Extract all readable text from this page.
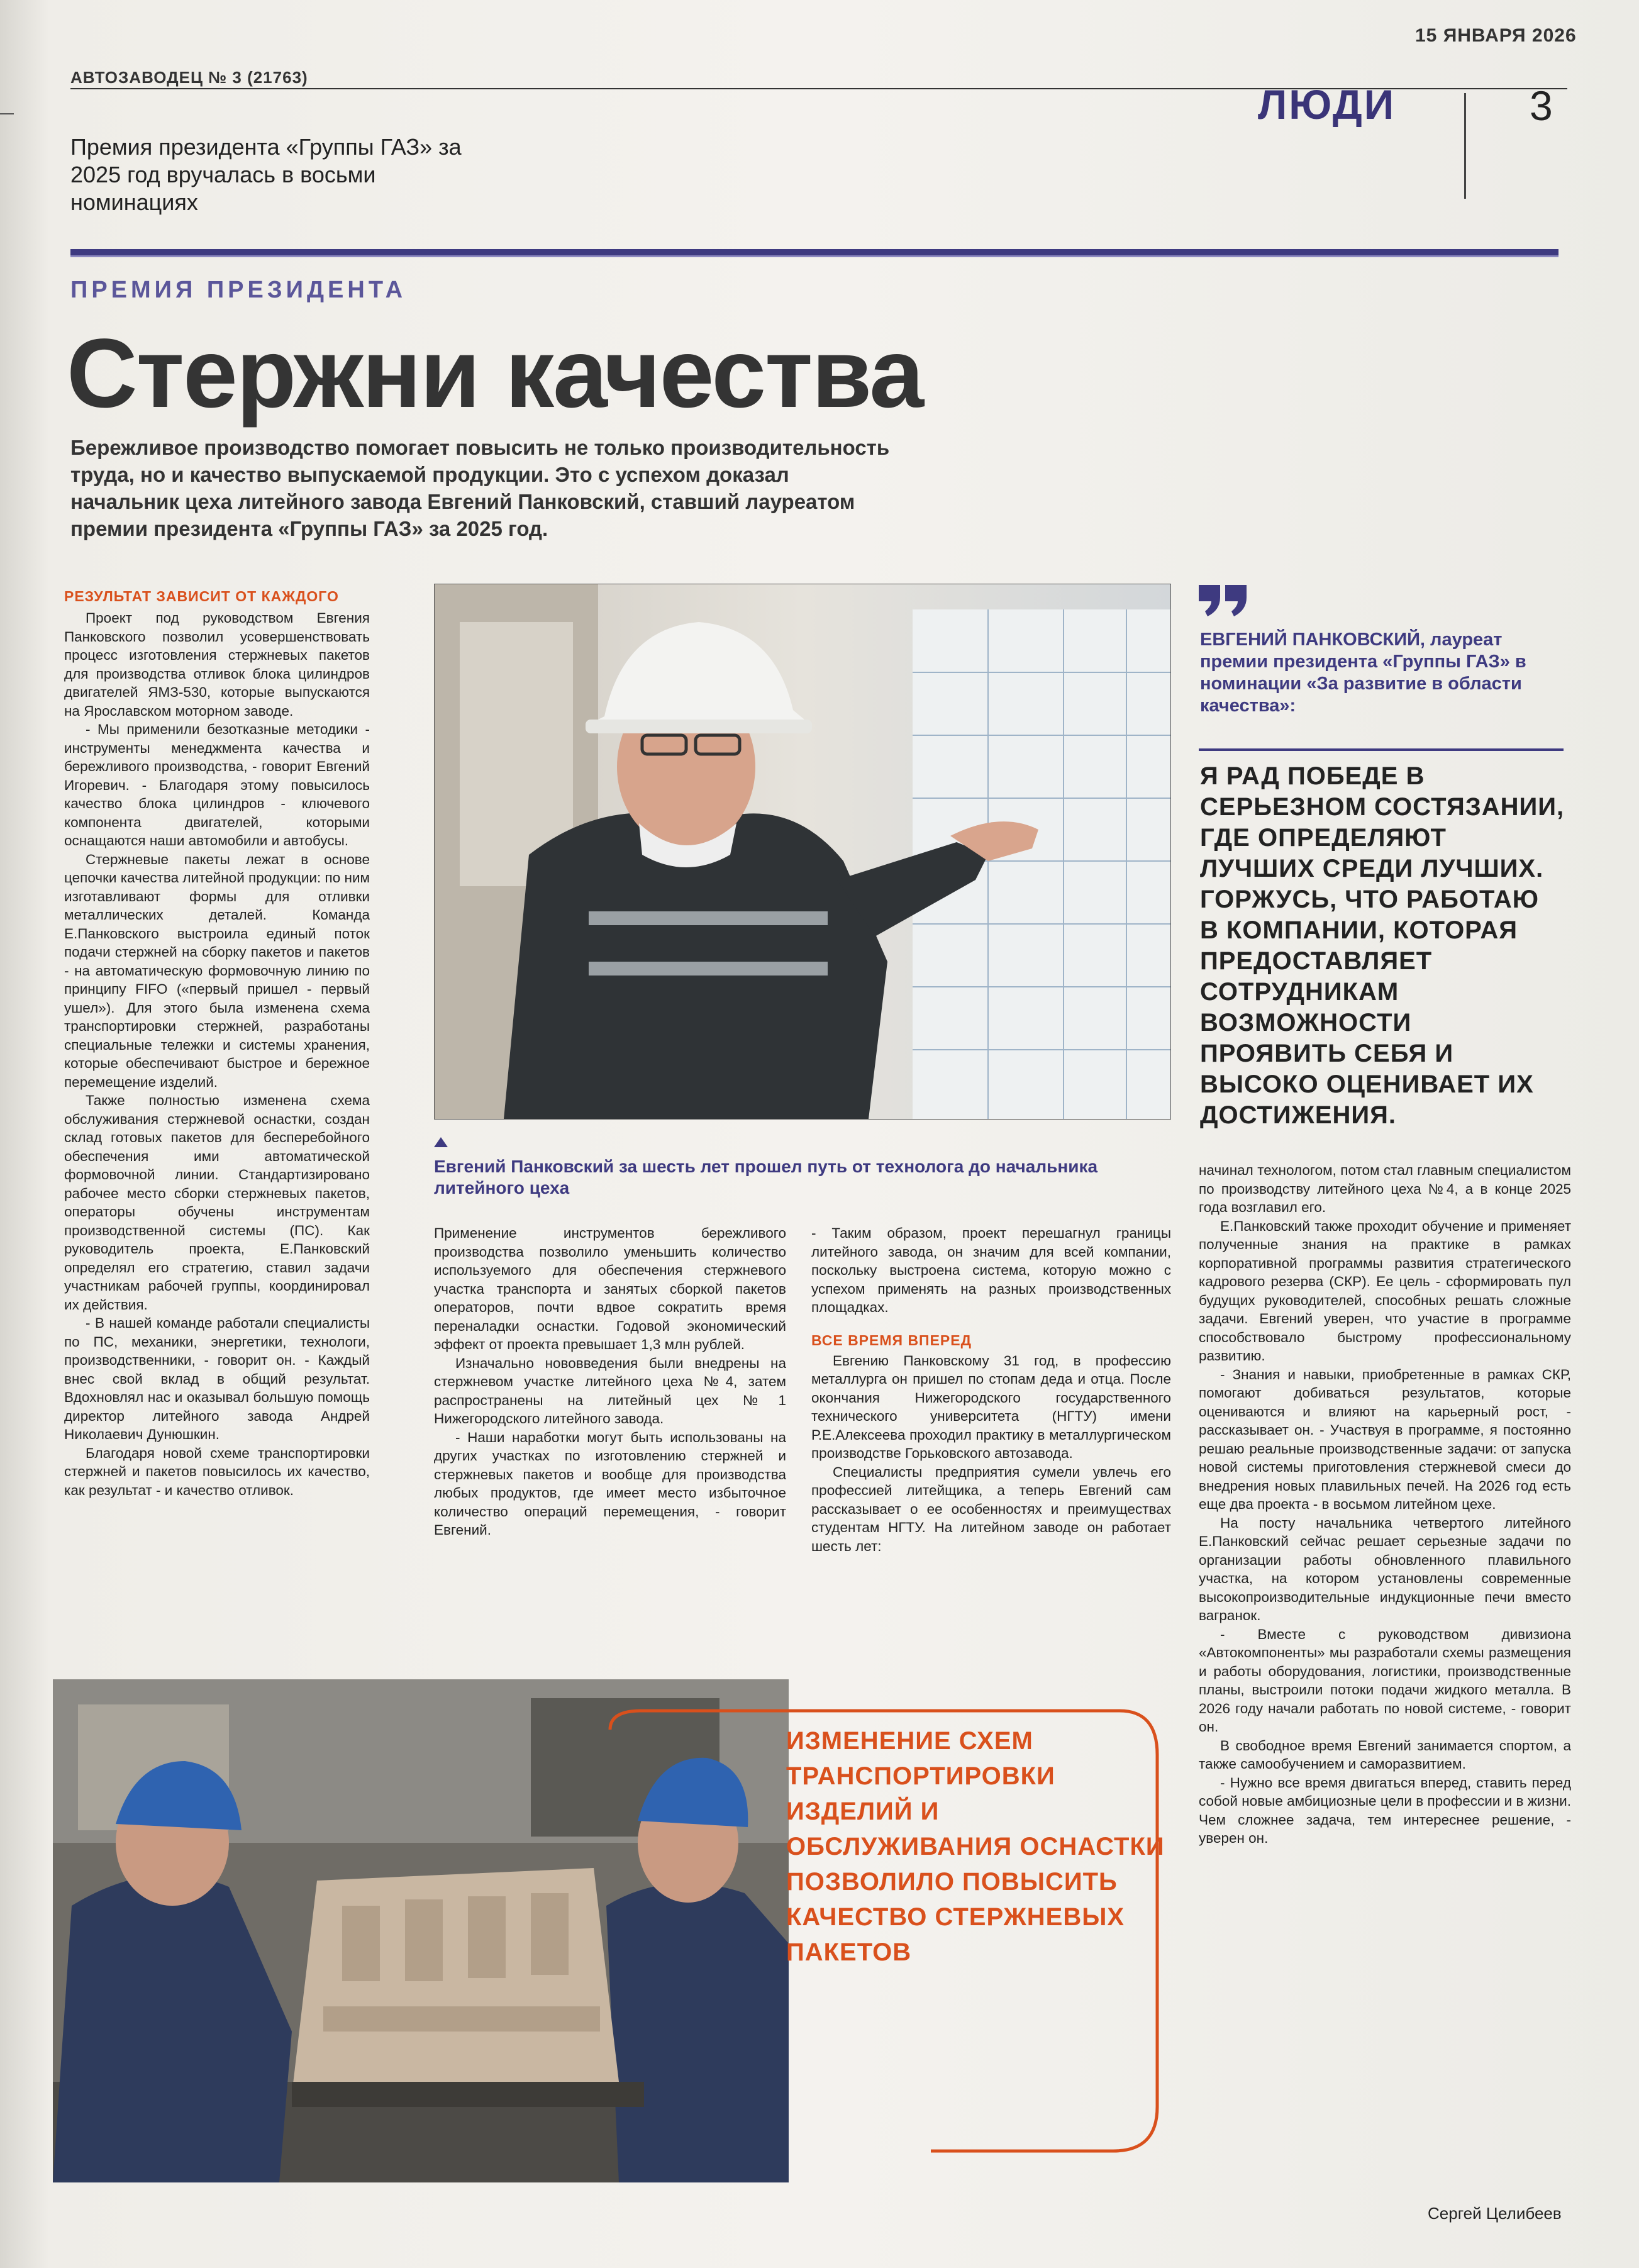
15 ЯНВАРЯ 2026
АВТОЗАВОДЕЦ № 3 (21763)

ЛЮДИ	3
Премия президента «Группы ГАЗ» за 2025 год вручалась в восьми номинациях
ПРЕМИЯ ПРЕЗИДЕНТА
Стержни качества
Бережливое производство помогает повысить не только производительность труда, но и качество выпускаемой продукции. Это с успехом доказал начальник цеха литейного завода Евгений Панковский, ставший лауреатом премии президента «Группы ГАЗ» за 2025 год.
РЕЗУЛЬТАТ ЗАВИСИТ ОТ КАЖДОГО

Проект под руководством Евгения Панковского позволил усовершенствовать процесс изготовления стержневых пакетов для производства отливок блока цилиндров двигателей ЯМЗ-530, которые выпускаются на Ярославском моторном заводе.

- Мы применили безотказные методики - инструменты менеджмента качества и бережливого производства, - говорит Евгений Игоревич. - Благодаря этому повысилось качество блока цилиндров - ключевого компонента двигателей, которыми оснащаются наши автомобили и автобусы.

Стержневые пакеты лежат в основе цепочки качества литейной продукции: по ним изготавливают формы для отливки металлических деталей. Команда Е.Панковского выстроила единый поток подачи стержней на сборку пакетов и пакетов - на автоматическую формовочную линию по принципу FIFO («первый пришел - первый ушел»). Для этого была изменена схема транспортировки стержней, разработаны специальные тележки и системы хранения, которые обеспечивают быстрое и бережное перемещение изделий.

Также полностью изменена схема обслуживания стержневой оснастки, создан склад готовых пакетов для бесперебойного обеспечения ими автоматической формовочной линии. Стандартизировано рабочее место сборки стержневых пакетов, операторы обучены инструментам производственной системы (ПС). Как руководитель проекта, Е.Панковский определял его стратегию, ставил задачи участникам рабочей группы, координировал их действия.

- В нашей команде работали специалисты по ПС, механики, энергетики, технологи, производственники, - говорит он. - Каждый внес свой вклад в общий результат. Вдохновлял нас и оказывал большую помощь директор литейного завода Андрей Николаевич Дунюшкин.

Благодаря новой схеме транспортировки стержней и пакетов повысилось их качество, как результат - и качество отливок.

Евгений Панковский за шесть лет прошел путь от технолога до начальника литейного цеха
ЕВГЕНИЙ ПАНКОВСКИЙ, лауреат премии президента «Группы ГАЗ» в номинации «За развитие в области качества»:
Я РАД ПОБЕДЕ В СЕРЬЕЗНОМ СОСТЯЗАНИИ, ГДЕ ОПРЕДЕЛЯЮТ ЛУЧШИХ СРЕДИ ЛУЧШИХ. ГОРЖУСЬ, ЧТО РАБОТАЮ В КОМПАНИИ, КОТОРАЯ ПРЕДОСТАВЛЯЕТ СОТРУДНИКАМ ВОЗМОЖНОСТИ ПРОЯВИТЬ СЕБЯ И ВЫСОКО ОЦЕНИВАЕТ ИХ ДОСТИЖЕНИЯ.

Применение инструментов бережливого производства позволило уменьшить количество используемого для обеспечения стержневого участка транспорта и занятых сборкой пакетов операторов, почти вдвое сократить время переналадки оснастки. Годовой экономический эффект от проекта превышает 1,3 млн рублей.

Изначально нововведения были внедрены на стержневом участке литейного цеха №4, затем распространены на литейный цех №1 Нижегородского литейного завода.

- Наши наработки могут быть использованы на других участках по изготовлению стержней и стержневых пакетов и вообще для производства любых продуктов, где имеет место избыточное количество операций перемещения, - говорит Евгений.

- Таким образом, проект перешагнул границы литейного завода, он значим для всей компании, поскольку выстроена система, которую можно с успехом применять на разных производственных площадках.

ВСЕ ВРЕМЯ ВПЕРЕД

Евгению Панковскому 31 год, в профессию металлурга он пришел по стопам деда и отца. После окончания Нижегородского государственного технического университета (НГТУ) имени Р.Е.Алексеева проходил практику в металлургическом производстве Горьковского автозавода.

Специалисты предприятия сумели увлечь его профессией литейщика, а теперь Евгений сам рассказывает о ее особенностях и преимуществах студентам НГТУ. На литейном заводе он работает шесть лет:

начинал технологом, потом стал главным специалистом по производству литейного цеха №4, а в конце 2025 года возглавил его.

Е.Панковский также проходит обучение и применяет полученные знания на практике в рамках корпоративной программы развития стратегического кадрового резерва (СКР). Ее цель - сформировать пул будущих руководителей, способных решать сложные задачи. Евгений уверен, что участие в программе способствовало быстрому профессиональному развитию.

- Знания и навыки, приобретенные в рамках СКР, помогают добиваться результатов, которые оцениваются и влияют на карьерный рост, - рассказывает он. - Участвуя в программе, я постоянно решаю реальные производственные задачи: от запуска новой системы приготовления стержневой смеси до внедрения новых плавильных печей. На 2026 год есть еще два проекта - в восьмом литейном цехе.

На посту начальника четвертого литейного Е.Панковский сейчас решает серьезные задачи по организации работы обновленного плавильного участка, на котором установлены современные высокопроизводительные индукционные печи вместо вагранок.

- Вместе с руководством дивизиона «Автокомпоненты» мы разработали схемы размещения и работы оборудования, логистики, производственные планы, выстроили потоки подачи жидкого металла. В 2026 году начали работать по новой системе, - говорит он.

В свободное время Евгений занимается спортом, а также самообучением и саморазвитием.

- Нужно все время двигаться вперед, ставить перед собой новые амбициозные цели в профессии и в жизни. Чем сложнее задача, тем интереснее решение, - уверен он.

ИЗМЕНЕНИЕ СХЕМ ТРАНСПОРТИРОВКИ ИЗДЕЛИЙ И ОБСЛУЖИВАНИЯ ОСНАСТКИ ПОЗВОЛИЛО ПОВЫСИТЬ КАЧЕСТВО СТЕРЖНЕВЫХ ПАКЕТОВ
Сергей Целибеев
